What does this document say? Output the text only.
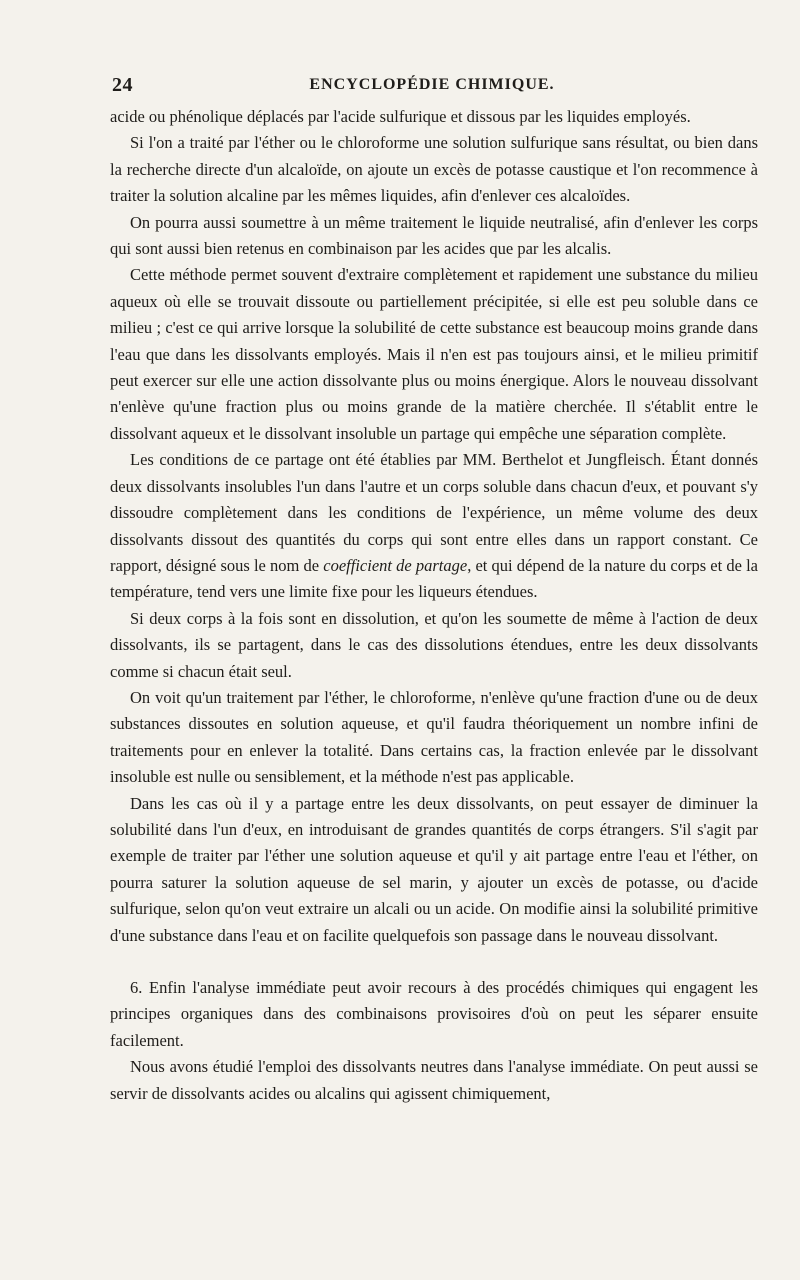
24	ENCYCLOPÉDIE CHIMIQUE.

acide ou phénolique déplacés par l'acide sulfurique et dissous par les liquides employés.

Si l'on a traité par l'éther ou le chloroforme une solution sulfurique sans résultat, ou bien dans la recherche directe d'un alcaloïde, on ajoute un excès de potasse caustique et l'on recommence à traiter la solution alcaline par les mêmes liquides, afin d'enlever ces alcaloïdes.

On pourra aussi soumettre à un même traitement le liquide neutralisé, afin d'enlever les corps qui sont aussi bien retenus en combinaison par les acides que par les alcalis.

Cette méthode permet souvent d'extraire complètement et rapidement une substance du milieu aqueux où elle se trouvait dissoute ou partiellement précipitée, si elle est peu soluble dans ce milieu ; c'est ce qui arrive lorsque la solubilité de cette substance est beaucoup moins grande dans l'eau que dans les dissolvants employés. Mais il n'en est pas toujours ainsi, et le milieu primitif peut exercer sur elle une action dissolvante plus ou moins énergique. Alors le nouveau dissolvant n'enlève qu'une fraction plus ou moins grande de la matière cherchée. Il s'établit entre le dissolvant aqueux et le dissolvant insoluble un partage qui empêche une séparation complète.

Les conditions de ce partage ont été établies par MM. Berthelot et Jungfleisch. Étant donnés deux dissolvants insolubles l'un dans l'autre et un corps soluble dans chacun d'eux, et pouvant s'y dissoudre complètement dans les conditions de l'expérience, un même volume des deux dissolvants dissout des quantités du corps qui sont entre elles dans un rapport constant. Ce rapport, désigné sous le nom de coefficient de partage, et qui dépend de la nature du corps et de la température, tend vers une limite fixe pour les liqueurs étendues.

Si deux corps à la fois sont en dissolution, et qu'on les soumette de même à l'action de deux dissolvants, ils se partagent, dans le cas des dissolutions étendues, entre les deux dissolvants comme si chacun était seul.

On voit qu'un traitement par l'éther, le chloroforme, n'enlève qu'une fraction d'une ou de deux substances dissoutes en solution aqueuse, et qu'il faudra théoriquement un nombre infini de traitements pour en enlever la totalité. Dans certains cas, la fraction enlevée par le dissolvant insoluble est nulle ou sensiblement, et la méthode n'est pas applicable.

Dans les cas où il y a partage entre les deux dissolvants, on peut essayer de diminuer la solubilité dans l'un d'eux, en introduisant de grandes quantités de corps étrangers. S'il s'agit par exemple de traiter par l'éther une solution aqueuse et qu'il y ait partage entre l'eau et l'éther, on pourra saturer la solution aqueuse de sel marin, y ajouter un excès de potasse, ou d'acide sulfurique, selon qu'on veut extraire un alcali ou un acide. On modifie ainsi la solubilité primitive d'une substance dans l'eau et on facilite quelquefois son passage dans le nouveau dissolvant.

6. Enfin l'analyse immédiate peut avoir recours à des procédés chimiques qui engagent les principes organiques dans des combinaisons provisoires d'où on peut les séparer ensuite facilement.

Nous avons étudié l'emploi des dissolvants neutres dans l'analyse immédiate. On peut aussi se servir de dissolvants acides ou alcalins qui agissent chimiquement,
